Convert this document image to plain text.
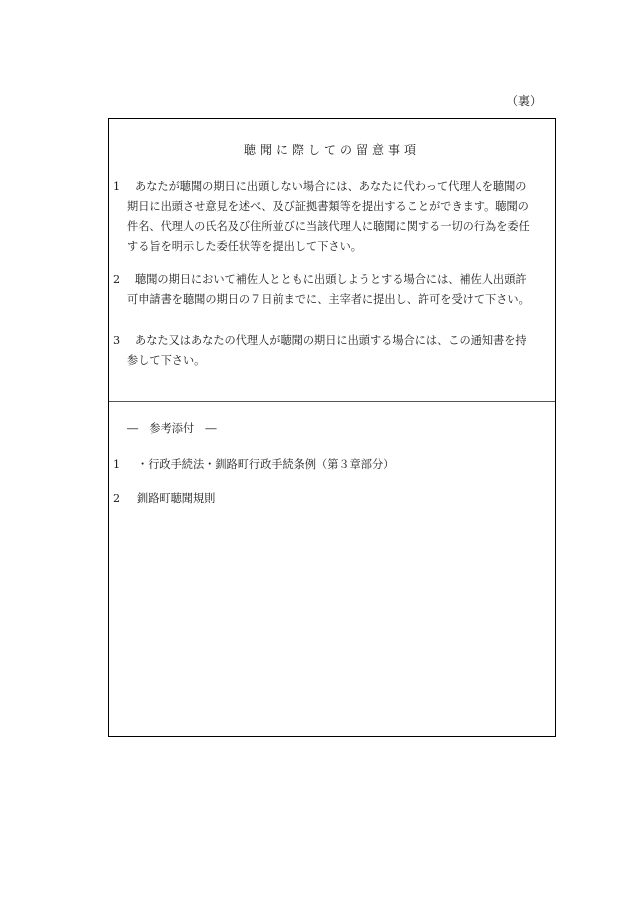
（裏）
聴聞に際しての留意事項
1 あなたが聴聞の期日に出頭しない場合には、あなたに代わって代理人を聴聞の
期日に出頭させ意見を述べ、及び証拠書類等を提出することができます。聴聞の
件名、代理人の氏名及び住所並びに当該代理人に聴聞に関する一切の行為を委任
する旨を明示した委任状等を提出して下さい。
2 聴聞の期日において補佐人とともに出頭しようとする場合には、補佐人出頭許
可申請書を聴聞の期日の７日前までに、主宰者に提出し、許可を受けて下さい。
3 あなた又はあなたの代理人が聴聞の期日に出頭する場合には、この通知書を持
参して下さい。
―　参考添付　―
1 ・行政手続法・釧路町行政手続条例（第３章部分）
2 釧路町聴聞規則
